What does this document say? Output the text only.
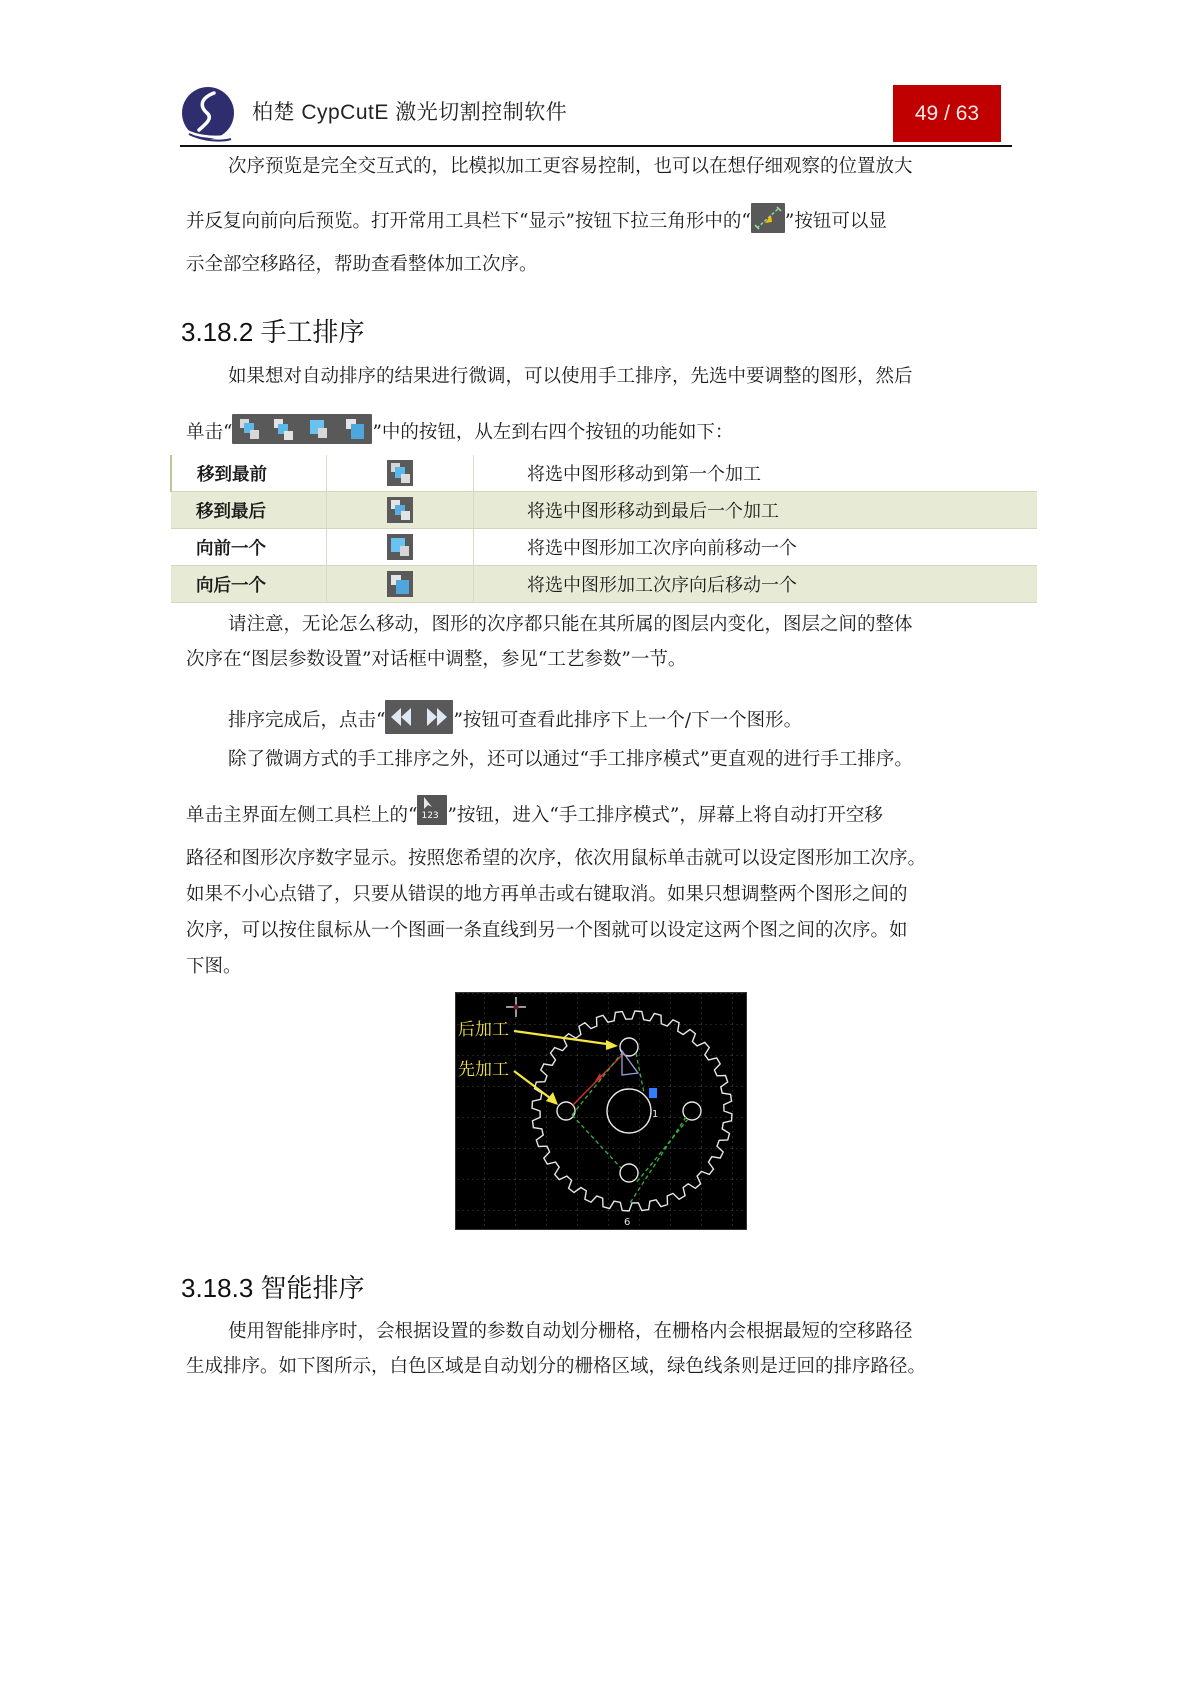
柏楚 CypCutE 激光切割控制软件	49 / 63
次序预览是完全交互式的，比模拟加工更容易控制，也可以在想仔细观察的位置放大
并反复向前向后预览。打开常用工具栏下“显示”按钮下拉三角形中的“ ”按钮可以显
示全部空移路径，帮助查看整体加工次序。
3.18.2 手工排序
如果想对自动排序的结果进行微调，可以使用手工排序，先选中要调整的图形，然后
单击“	”中的按钮，从左到右四个按钮的功能如下：
移到最前		将选中图形移动到第一个加工
移到最后		将选中图形移动到最后一个加工
向前一个		将选中图形加工次序向前移动一个
向后一个		将选中图形加工次序向后移动一个
请注意，无论怎么移动，图形的次序都只能在其所属的图层内变化，图层之间的整体
次序在“图层参数设置”对话框中调整，参见“工艺参数”一节。
排序完成后，点击“	”按钮可查看此排序下上一个/下一个图形。
除了微调方式的手工排序之外，还可以通过“手工排序模式”更直观的进行手工排序。
单击主界面左侧工具栏上的“ 123 ”按钮，进入“手工排序模式”，屏幕上将自动打开空移
路径和图形次序数字显示。按照您希望的次序，依次用鼠标单击就可以设定图形加工次序。
如果不小心点错了，只要从错误的地方再单击或右键取消。如果只想调整两个图形之间的
次序，可以按住鼠标从一个图画一条直线到另一个图就可以设定这两个图之间的次序。如
下图。
后加工
先加工
1
6
3.18.3 智能排序
使用智能排序时，会根据设置的参数自动划分栅格，在栅格内会根据最短的空移路径
生成排序。如下图所示，白色区域是自动划分的栅格区域，绿色线条则是迂回的排序路径。
